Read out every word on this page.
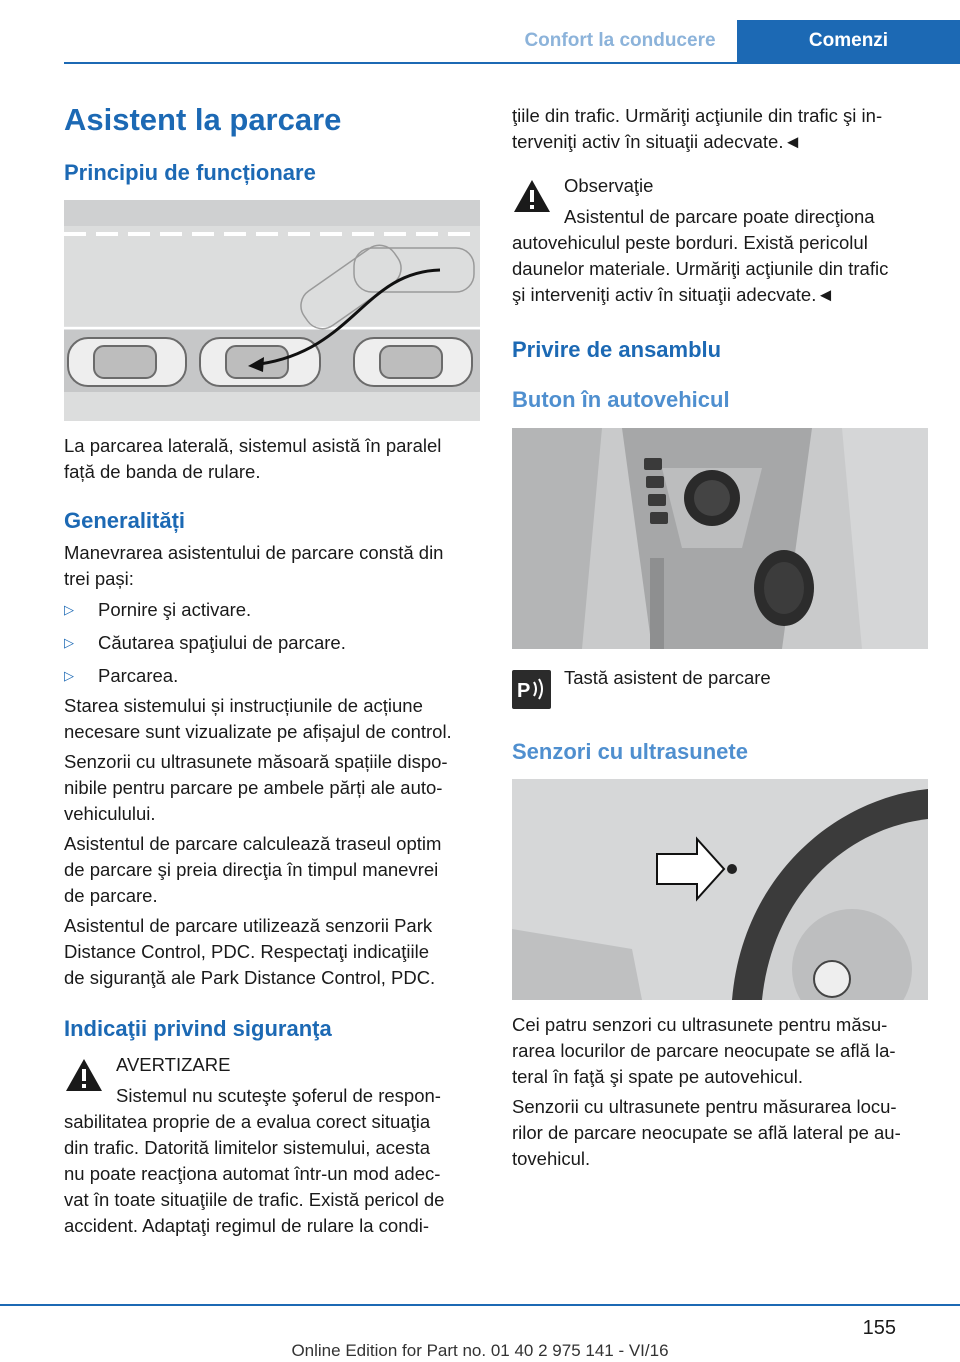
Confort la conducere	Comenzi
Asistent la parcare
Principiu de funcționare
La parcarea laterală, sistemul asistă în paralel
față de banda de rulare.
Generalități
Manevrarea asistentului de parcare constă din
trei pași:
▷ Pornire şi activare.
▷ Căutarea spaţiului de parcare.
▷ Parcarea.
Starea sistemului și instrucțiunile de acțiune
necesare sunt vizualizate pe afișajul de control.
Senzorii cu ultrasunete măsoară spațiile dispo-
nibile pentru parcare pe ambele părți ale auto-
vehiculului.
Asistentul de parcare calculează traseul optim
de parcare şi preia direcţia în timpul manevrei
de parcare.
Asistentul de parcare utilizează senzorii Park
Distance Control, PDC. Respectaţi indicaţiile
de siguranţă ale Park Distance Control, PDC.
Indicaţii privind siguranţa
AVERTIZARE
Sistemul nu scuteşte şoferul de respon-
sabilitatea proprie de a evalua corect situaţia
din trafic. Datorită limitelor sistemului, acesta
nu poate reacţiona automat într-un mod adec-
vat în toate situaţiile de trafic. Există pericol de
accident. Adaptaţi regimul de rulare la condi-
ţiile din trafic. Urmăriţi acţiunile din trafic şi in-
terveniţi activ în situaţii adecvate.◄
Observaţie
Asistentul de parcare poate direcţiona
autovehiculul peste borduri. Există pericolul
daunelor materiale. Urmăriţi acţiunile din trafic
şi interveniţi activ în situaţii adecvate.◄
Privire de ansamblu
Buton în autovehicul
P
Tastă asistent de parcare
Senzori cu ultrasunete
Cei patru senzori cu ultrasunete pentru măsu-
rarea locurilor de parcare neocupate se află la-
teral în faţă şi spate pe autovehicul.
Senzorii cu ultrasunete pentru măsurarea locu-
rilor de parcare neocupate se află lateral pe au-
tovehicul.
155
Online Edition for Part no. 01 40 2 975 141 - VI/16
